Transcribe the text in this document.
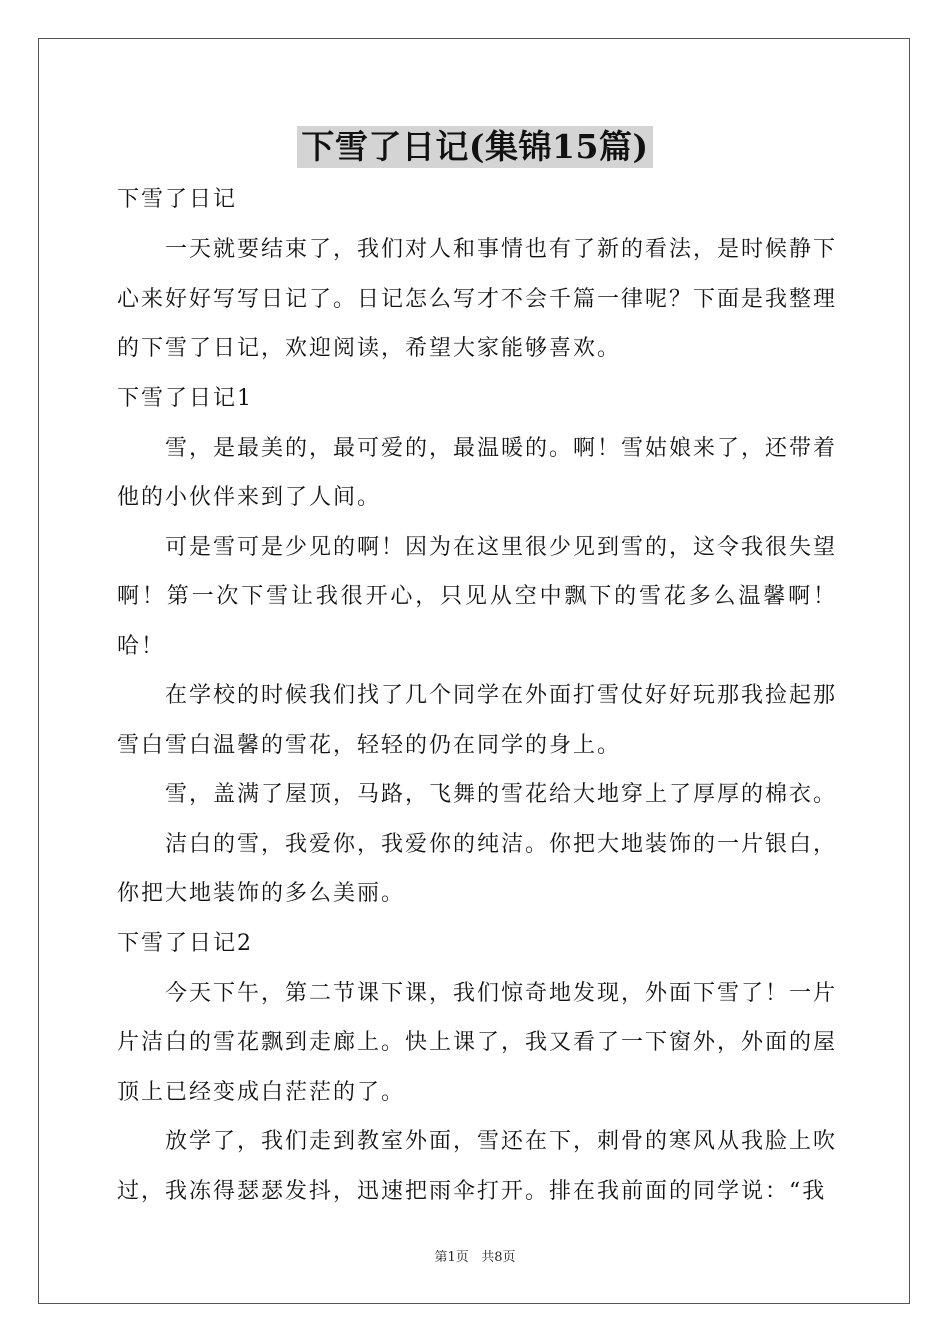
下雪了日记(集锦15篇)
下雪了日记

一天就要结束了，我们对人和事情也有了新的看法，是时候静下心来好好写写日记了。日记怎么写才不会千篇一律呢？下面是我整理的下雪了日记，欢迎阅读，希望大家能够喜欢。

下雪了日记1

雪，是最美的，最可爱的，最温暖的。啊！雪姑娘来了，还带着他的小伙伴来到了人间。

可是雪可是少见的啊！因为在这里很少见到雪的，这令我很失望啊！第一次下雪让我很开心，只见从空中飘下的雪花多么温馨啊！哈！

在学校的时候我们找了几个同学在外面打雪仗好好玩那我捡起那雪白雪白温馨的雪花，轻轻的仍在同学的身上。

雪，盖满了屋顶，马路，飞舞的雪花给大地穿上了厚厚的棉衣。

洁白的雪，我爱你，我爱你的纯洁。你把大地装饰的一片银白，你把大地装饰的多么美丽。

下雪了日记2

今天下午，第二节课下课，我们惊奇地发现，外面下雪了！一片片洁白的雪花飘到走廊上。快上课了，我又看了一下窗外，外面的屋顶上已经变成白茫茫的了。

放学了，我们走到教室外面，雪还在下，刺骨的寒风从我脸上吹过，我冻得瑟瑟发抖，迅速把雨伞打开。排在我前面的同学说：“我

第1页 共8页
